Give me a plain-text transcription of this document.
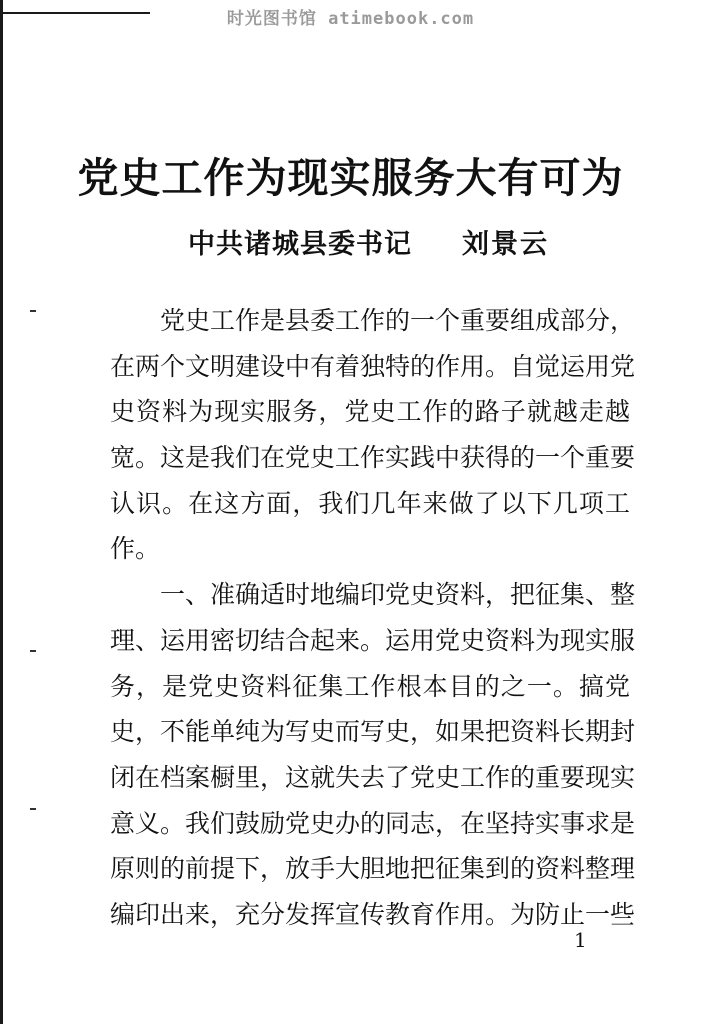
时光图书馆 atimebook.com
党史工作为现实服务大有可为
中共诸城县委书记 刘景云
党史工作是县委工作的一个重要组成部分，
在两个文明建设中有着独特的作用。自觉运用党
史资料为现实服务，党史工作的路子就越走越
宽。这是我们在党史工作实践中获得的一个重要
认识。在这方面，我们几年来做了以下几项工
作。
一、准确适时地编印党史资料，把征集、整
理、运用密切结合起来。运用党史资料为现实服
务，是党史资料征集工作根本目的之一。搞党
史，不能单纯为写史而写史，如果把资料长期封
闭在档案橱里，这就失去了党史工作的重要现实
意义。我们鼓励党史办的同志，在坚持实事求是
原则的前提下，放手大胆地把征集到的资料整理
编印出来，充分发挥宣传教育作用。为防止一些
1
